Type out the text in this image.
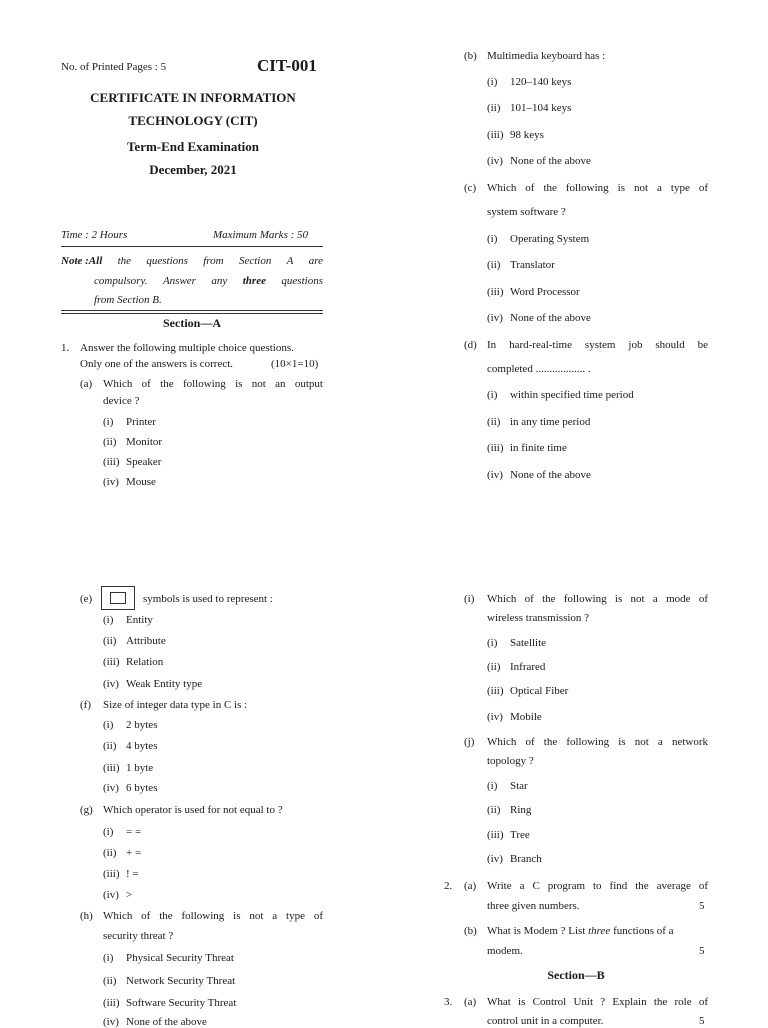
No. of Printed Pages : 5	CIT-001
CERTIFICATE IN INFORMATION
TECHNOLOGY (CIT)
Term-End Examination
December, 2021
Time : 2 Hours	Maximum Marks : 50
Note :All the questions from Section A are
compulsory. Answer any three questions
from Section B.
Section—A
1. Answer the following multiple choice questions.
Only one of the answers is correct.	(10×1=10)
(a) Which of the following is not an output
device ?
(i) Printer
(ii) Monitor
(iii) Speaker
(iv) Mouse
(b) Multimedia keyboard has :
(i) 120–140 keys
(ii) 101–104 keys
(iii) 98 keys
(iv) None of the above
(c) Which of the following is not a type of
system software ?
(i) Operating System
(ii) Translator
(iii) Word Processor
(iv) None of the above
(d) In hard-real-time system job should be
completed .................. .
(i) within specified time period
(ii) in any time period
(iii) in finite time
(iv) None of the above
(e)	symbols is used to represent :
(i) Entity
(ii) Attribute
(iii) Relation
(iv) Weak Entity type
(f) Size of integer data type in C is :
(i) 2 bytes
(ii) 4 bytes
(iii) 1 byte
(iv) 6 bytes
(g) Which operator is used for not equal to ?
(i) = =
(ii) + =
(iii) ! =
(iv) >
(h) Which of the following is not a type of
security threat ?
(i) Physical Security Threat
(ii) Network Security Threat
(iii) Software Security Threat
(iv) None of the above
(i) Which of the following is not a mode of
wireless transmission ?
(i) Satellite
(ii) Infrared
(iii) Optical Fiber
(iv) Mobile
(j) Which of the following is not a network
topology ?
(i) Star
(ii) Ring
(iii) Tree
(iv) Branch
2. (a) Write a C program to find the average of
three given numbers.	5
(b) What is Modem ? List three functions of a
modem.	5
Section—B
3. (a) What is Control Unit ? Explain the role of
control unit in a computer.	5
